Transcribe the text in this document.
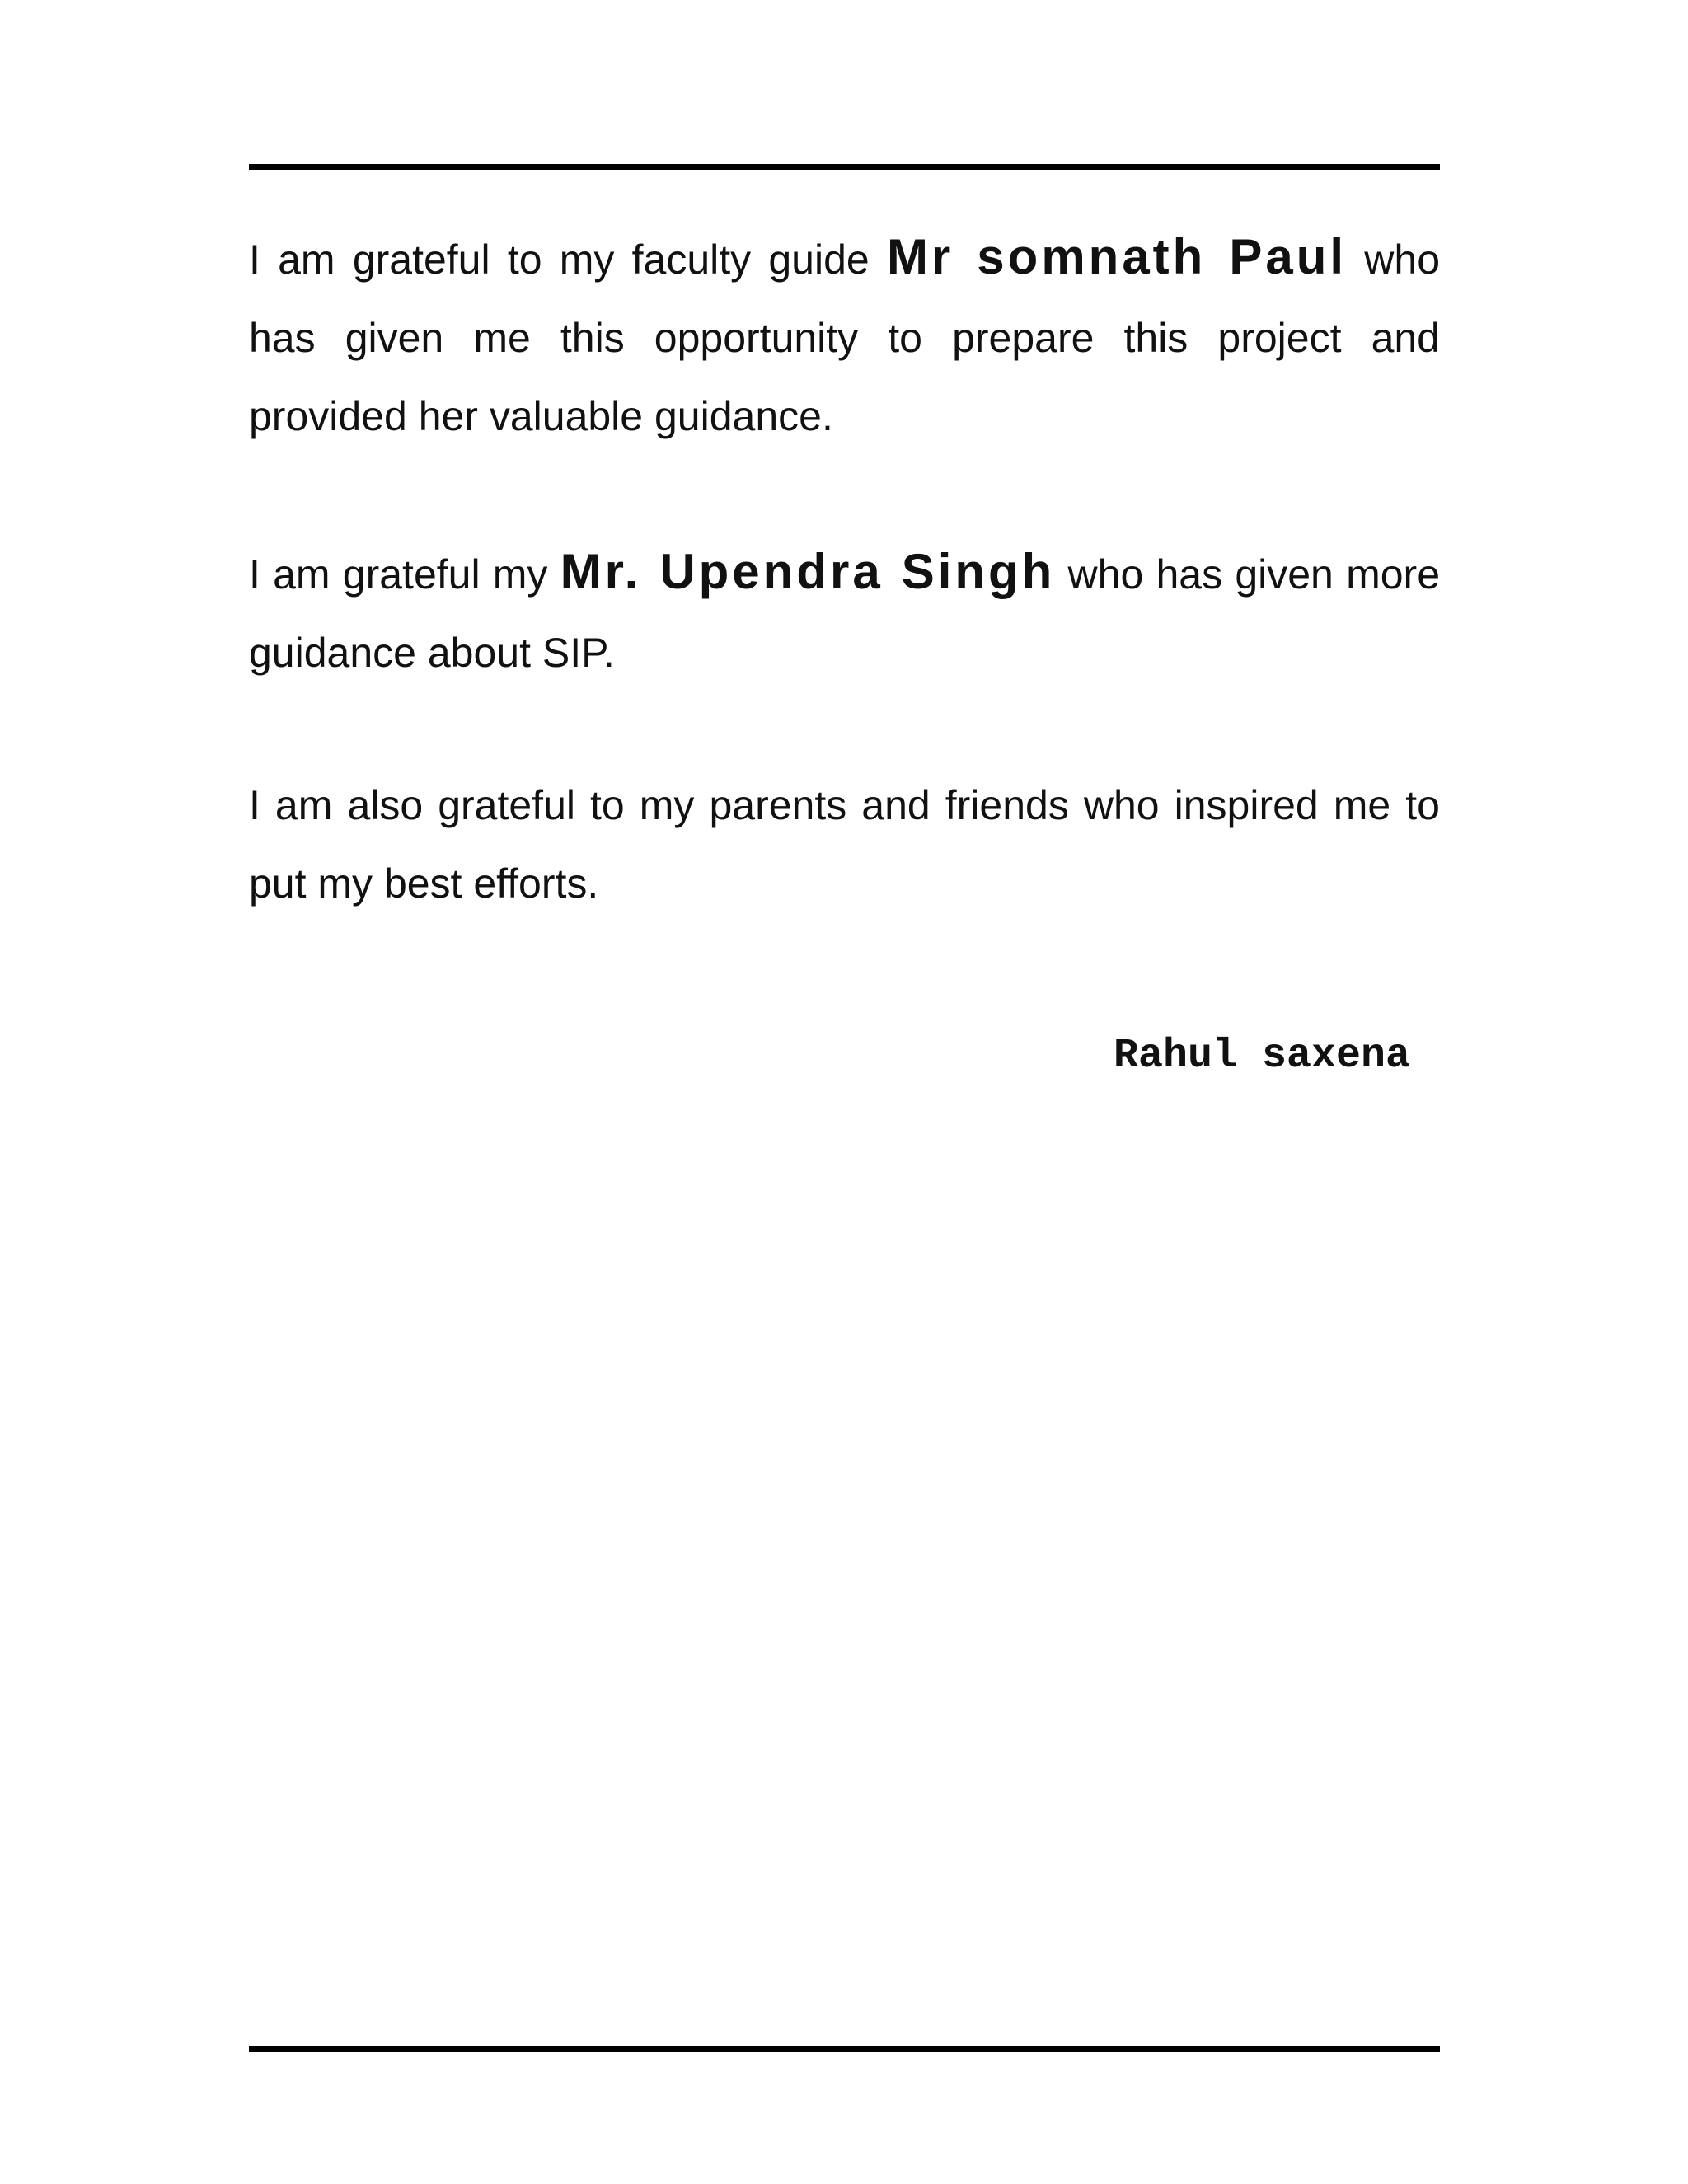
I am grateful to my faculty guide Mr somnath Paul who has given me this opportunity to prepare this project and provided her valuable guidance.

I am grateful my Mr. Upendra Singh who has given more guidance about SIP.

I am also grateful to my parents and friends who inspired me to put my best efforts.

Rahul saxena
